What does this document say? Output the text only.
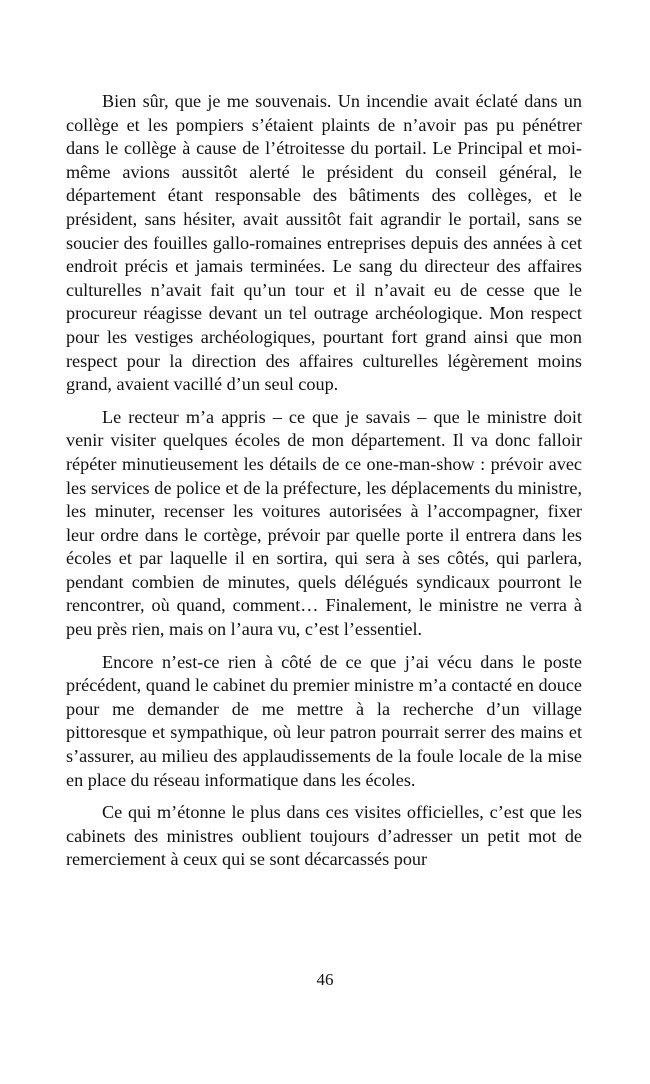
Bien sûr, que je me souvenais. Un incendie avait éclaté dans un collège et les pompiers s’étaient plaints de n’avoir pas pu pénétrer dans le collège à cause de l’étroitesse du portail. Le Principal et moi-même avions aussitôt alerté le président du conseil général, le département étant responsable des bâtiments des collèges, et le président, sans hésiter, avait aussitôt fait agrandir le portail, sans se soucier des fouilles gallo-romaines entreprises depuis des années à cet endroit précis et jamais terminées. Le sang du directeur des affaires culturelles n’avait fait qu’un tour et il n’avait eu de cesse que le procureur réagisse devant un tel outrage archéologique. Mon respect pour les vestiges archéologiques, pourtant fort grand ainsi que mon respect pour la direction des affaires culturelles légèrement moins grand, avaient vacillé d’un seul coup.

Le recteur m’a appris – ce que je savais – que le ministre doit venir visiter quelques écoles de mon département. Il va donc falloir répéter minutieusement les détails de ce one-man-show : prévoir avec les services de police et de la préfecture, les déplacements du ministre, les minuter, recenser les voitures autorisées à l’accompagner, fixer leur ordre dans le cortège, prévoir par quelle porte il entrera dans les écoles et par laquelle il en sortira, qui sera à ses côtés, qui parlera, pendant combien de minutes, quels délégués syndicaux pourront le rencontrer, où quand, comment… Finalement, le ministre ne verra à peu près rien, mais on l’aura vu, c’est l’essentiel.

Encore n’est-ce rien à côté de ce que j’ai vécu dans le poste précédent, quand le cabinet du premier ministre m’a contacté en douce pour me demander de me mettre à la recherche d’un village pittoresque et sympathique, où leur patron pourrait serrer des mains et s’assurer, au milieu des applaudissements de la foule locale de la mise en place du réseau informatique dans les écoles.

Ce qui m’étonne le plus dans ces visites officielles, c’est que les cabinets des ministres oublient toujours d’adresser un petit mot de remerciement à ceux qui se sont décarcassés pour

46
